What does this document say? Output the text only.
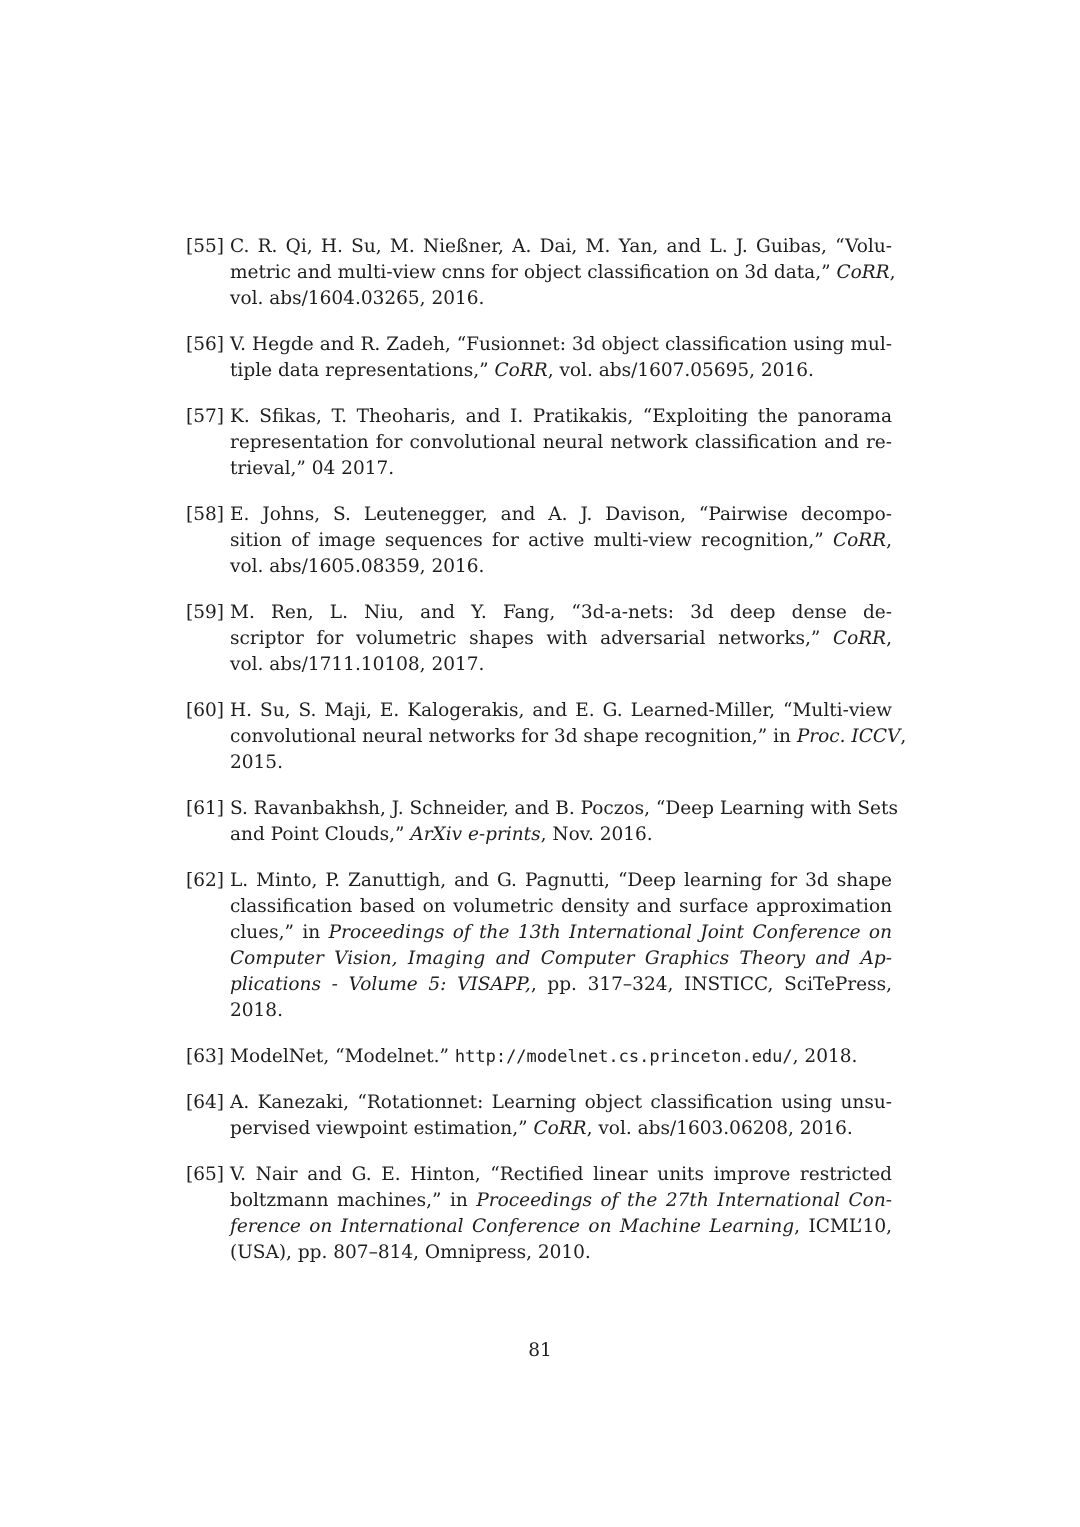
[55] C. R. Qi, H. Su, M. Nießner, A. Dai, M. Yan, and L. J. Guibas, “Volu-
metric and multi-view cnns for object classification on 3d data,” CoRR,
vol. abs/1604.03265, 2016.
[56] V. Hegde and R. Zadeh, “Fusionnet: 3d object classification using mul-
tiple data representations,” CoRR, vol. abs/1607.05695, 2016.
[57] K. Sfikas, T. Theoharis, and I. Pratikakis, “Exploiting the panorama
representation for convolutional neural network classification and re-
trieval,” 04 2017.
[58] E. Johns, S. Leutenegger, and A. J. Davison, “Pairwise decompo-
sition of image sequences for active multi-view recognition,” CoRR,
vol. abs/1605.08359, 2016.
[59] M. Ren, L. Niu, and Y. Fang, “3d-a-nets: 3d deep dense de-
scriptor for volumetric shapes with adversarial networks,” CoRR,
vol. abs/1711.10108, 2017.
[60] H. Su, S. Maji, E. Kalogerakis, and E. G. Learned-Miller, “Multi-view
convolutional neural networks for 3d shape recognition,” in Proc. ICCV,
2015.
[61] S. Ravanbakhsh, J. Schneider, and B. Poczos, “Deep Learning with Sets
and Point Clouds,” ArXiv e-prints, Nov. 2016.
[62] L. Minto, P. Zanuttigh, and G. Pagnutti, “Deep learning for 3d shape
classification based on volumetric density and surface approximation
clues,” in Proceedings of the 13th International Joint Conference on
Computer Vision, Imaging and Computer Graphics Theory and Ap-
plications - Volume 5: VISAPP,, pp. 317–324, INSTICC, SciTePress,
2018.
[63] ModelNet, “Modelnet.” http://modelnet.cs.princeton.edu/, 2018.
[64] A. Kanezaki, “Rotationnet: Learning object classification using unsu-
pervised viewpoint estimation,” CoRR, vol. abs/1603.06208, 2016.
[65] V. Nair and G. E. Hinton, “Rectified linear units improve restricted
boltzmann machines,” in Proceedings of the 27th International Con-
ference on International Conference on Machine Learning, ICML’10,
(USA), pp. 807–814, Omnipress, 2010.
81
